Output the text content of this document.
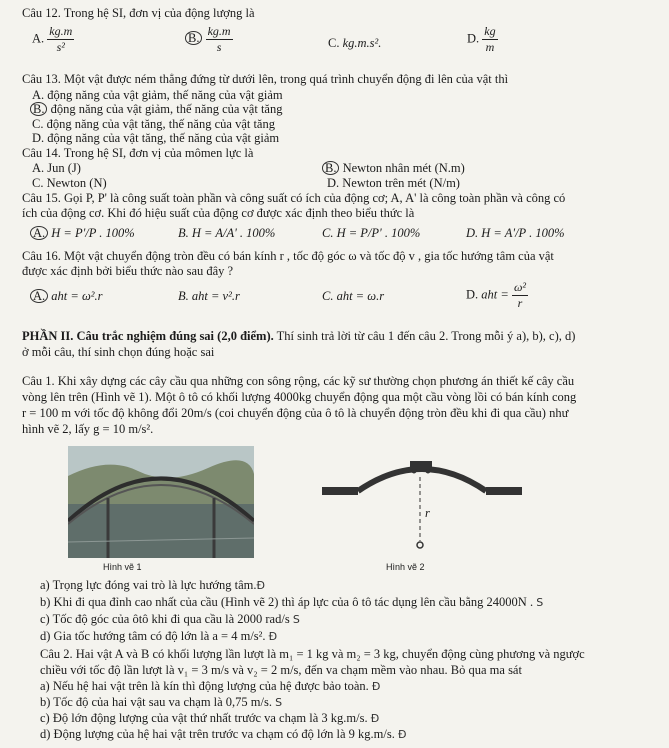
Câu 12. Trong hệ SI, đơn vị của động lượng là
A. $\frac{kg.m}{\text{s²}}$	B. $\frac{kg.m}{s}$	C. kg.m.s².	D. $\frac{kg}{m}$
Câu 13. Một vật được ném thẳng đứng từ dưới lên, trong quá trình chuyển động đi lên của vật thì
A. động năng của vật giảm, thế năng của vật giảm
B. động năng của vật giảm, thế năng của vật tăng
C. động năng của vật tăng, thế năng của vật tăng
D. động năng của vật tăng, thế năng của vật giảm
Câu 14. Trong hệ SI, đơn vị của mômen lực là
A. Jun (J)	B. Newton nhân mét (N.m)
C. Newton (N)	D. Newton trên mét (N/m)
Câu 15. Gọi P, P' là công suất toàn phần và công suất có ích của động cơ; A, A' là công toàn phần và công có
ích của động cơ. Khi đó hiệu suất của động cơ được xác định theo biểu thức là
A. H = P'/P . 100%	B. H = A/A' . 100%	C. H = P/P' . 100%	D. H = A'/P . 100%
Câu 16. Một vật chuyển động tròn đều có bán kính r , tốc độ góc ω và tốc độ v , gia tốc hướng tâm của vật
được xác định bởi biểu thức nào sau đây ?
A. aht = ω².r	B. aht = v².r	C. aht = ω.r	D. aht = $\frac{\text{ω²}}{r}$
PHẦN II. Câu trắc nghiệm đúng sai (2,0 điểm). Thí sinh trả lời từ câu 1 đến câu 2. Trong mỗi ý a), b), c), d)
ở mỗi câu, thí sinh chọn đúng hoặc sai
Câu 1. Khi xây dựng các cây cầu qua những con sông rộng, các kỹ sư thường chọn phương án thiết kế cây cầu
vòng lên trên (Hình vẽ 1). Một ô tô có khối lượng 4000kg chuyển động qua một cầu vòng lồi có bán kính cong
r = 100 m với tốc độ không đổi 20m/s (coi chuyển động của ô tô là chuyển động tròn đều khi đi qua cầu) như
hình vẽ 2, lấy g = 10 m/s².
Hình vẽ 1
r
Hình vẽ 2
a) Trọng lực đóng vai trò là lực hướng tâm.Đ
b) Khi đi qua đỉnh cao nhất của cầu (Hình vẽ 2) thì áp lực của ô tô tác dụng lên cầu bằng 24000N . S
c) Tốc độ góc của ôtô khi đi qua cầu là 2000 rad/s S
d) Gia tốc hướng tâm có độ lớn là a = 4 m/s². Đ
Câu 2. Hai vật A và B có khối lượng lần lượt là m₁ = 1 kg và m₂ = 3 kg, chuyển động cùng phương và ngược
chiều với tốc độ lần lượt là v₁ = 3 m/s và v₂ = 2 m/s, đến va chạm mềm vào nhau. Bỏ qua ma sát
a) Nếu hệ hai vật trên là kín thì động lượng của hệ được bảo toàn. Đ
b) Tốc độ của hai vật sau va chạm là 0,75 m/s. S
c) Độ lớn động lượng của vật thứ nhất trước va chạm là 3 kg.m/s. Đ
d) Động lượng của hệ hai vật trên trước va chạm có độ lớn là 9 kg.m/s. Đ
